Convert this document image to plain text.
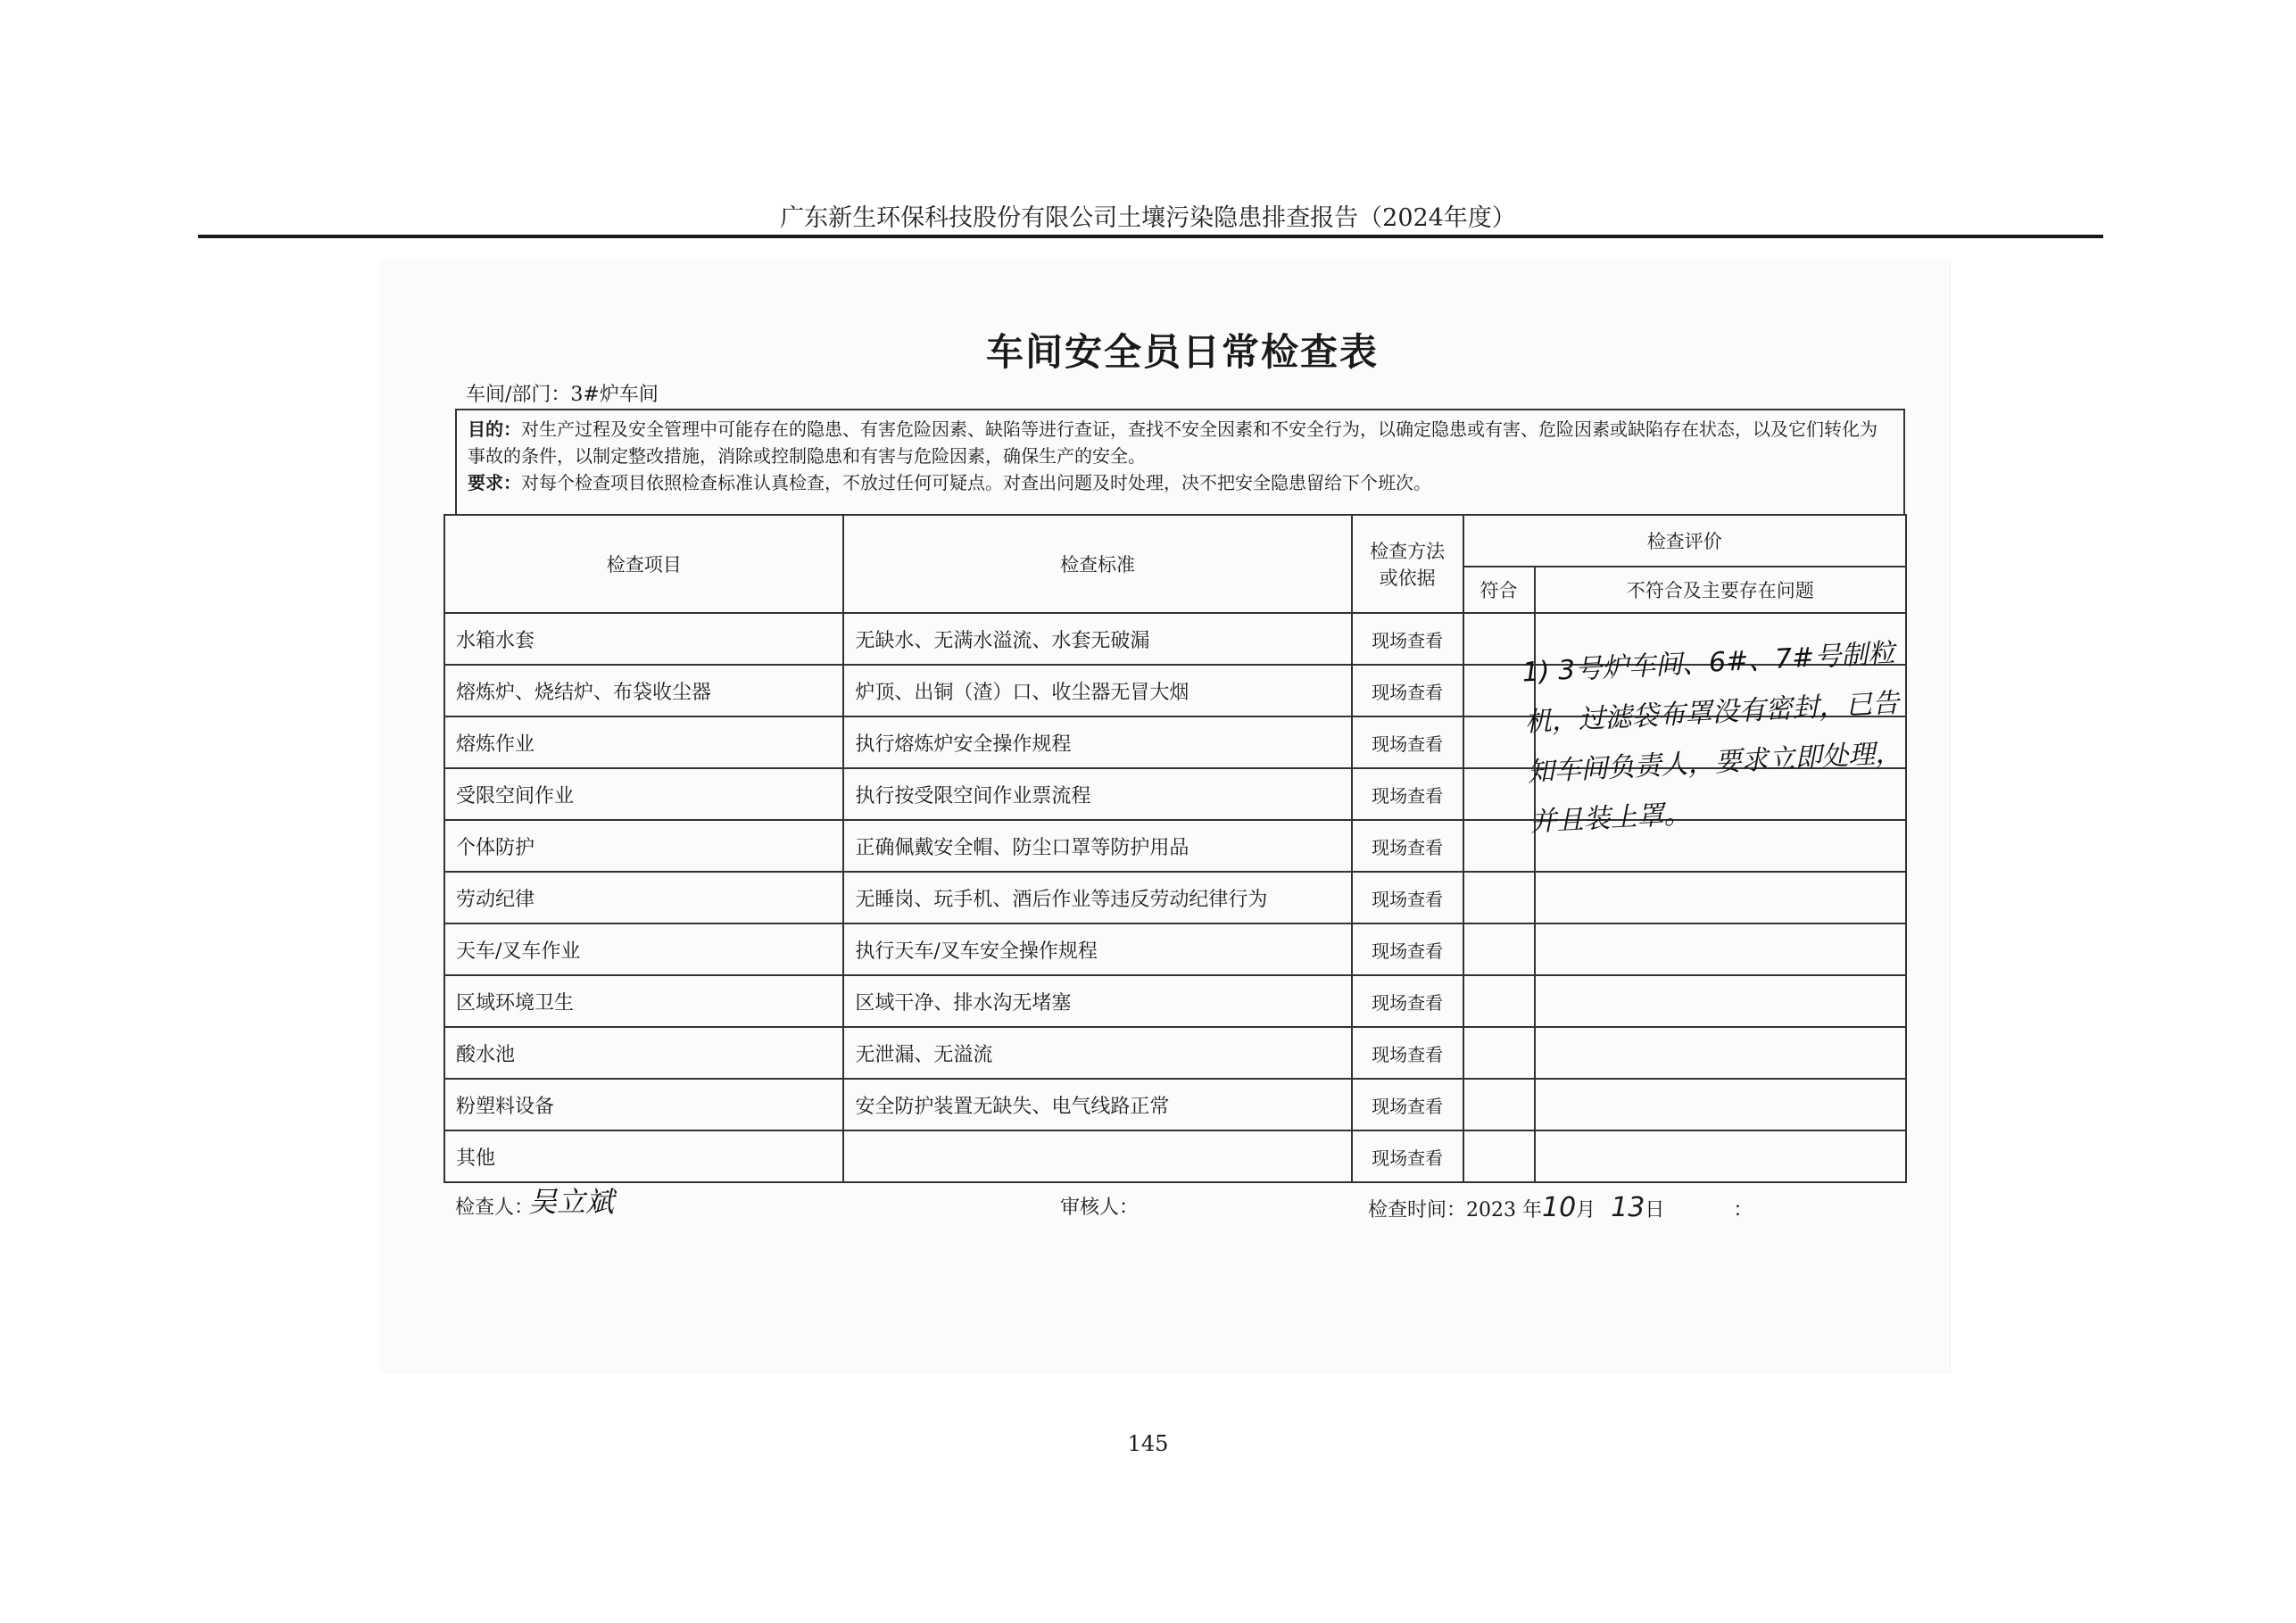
广东新生环保科技股份有限公司土壤污染隐患排查报告（2024年度）
车间安全员日常检查表
车间/部门：3#炉车间
目的：对生产过程及安全管理中可能存在的隐患、有害危险因素、缺陷等进行查证，查找不安全因素和不安全行为，以确定隐患或有害、危险因素或缺陷存在状态，以及它们转化为事故的条件，以制定整改措施，消除或控制隐患和有害与危险因素，确保生产的安全。
要求：对每个检查项目依照检查标准认真检查，不放过任何可疑点。对查出问题及时处理，决不把安全隐患留给下个班次。
检查项目	检查标准	检查方法或依据	检查评价	
			符合	不符合及主要存在问题
水箱水套	无缺水、无满水溢流、水套无破漏	现场查看		
熔炼炉、烧结炉、布袋收尘器	炉顶、出铜（渣）口、收尘器无冒大烟	现场查看		
熔炼作业	执行熔炼炉安全操作规程	现场查看		
受限空间作业	执行按受限空间作业票流程	现场查看		
个体防护	正确佩戴安全帽、防尘口罩等防护用品	现场查看		
劳动纪律	无睡岗、玩手机、酒后作业等违反劳动纪律行为	现场查看		
天车/叉车作业	执行天车/叉车安全操作规程	现场查看		
区域环境卫生	区域干净、排水沟无堵塞	现场查看		
酸水池	无泄漏、无溢流	现场查看		
粉塑料设备	安全防护装置无缺失、电气线路正常	现场查看		
其他		现场查看		
1) 3号炉车间、6#、7#号制粒机，过滤袋布罩没有密封，已告知车间负责人，要求立即处理，并且装上罩。
检查人：
吴立斌	审核人：	检查时间：2023 年10月 13日	：
145
